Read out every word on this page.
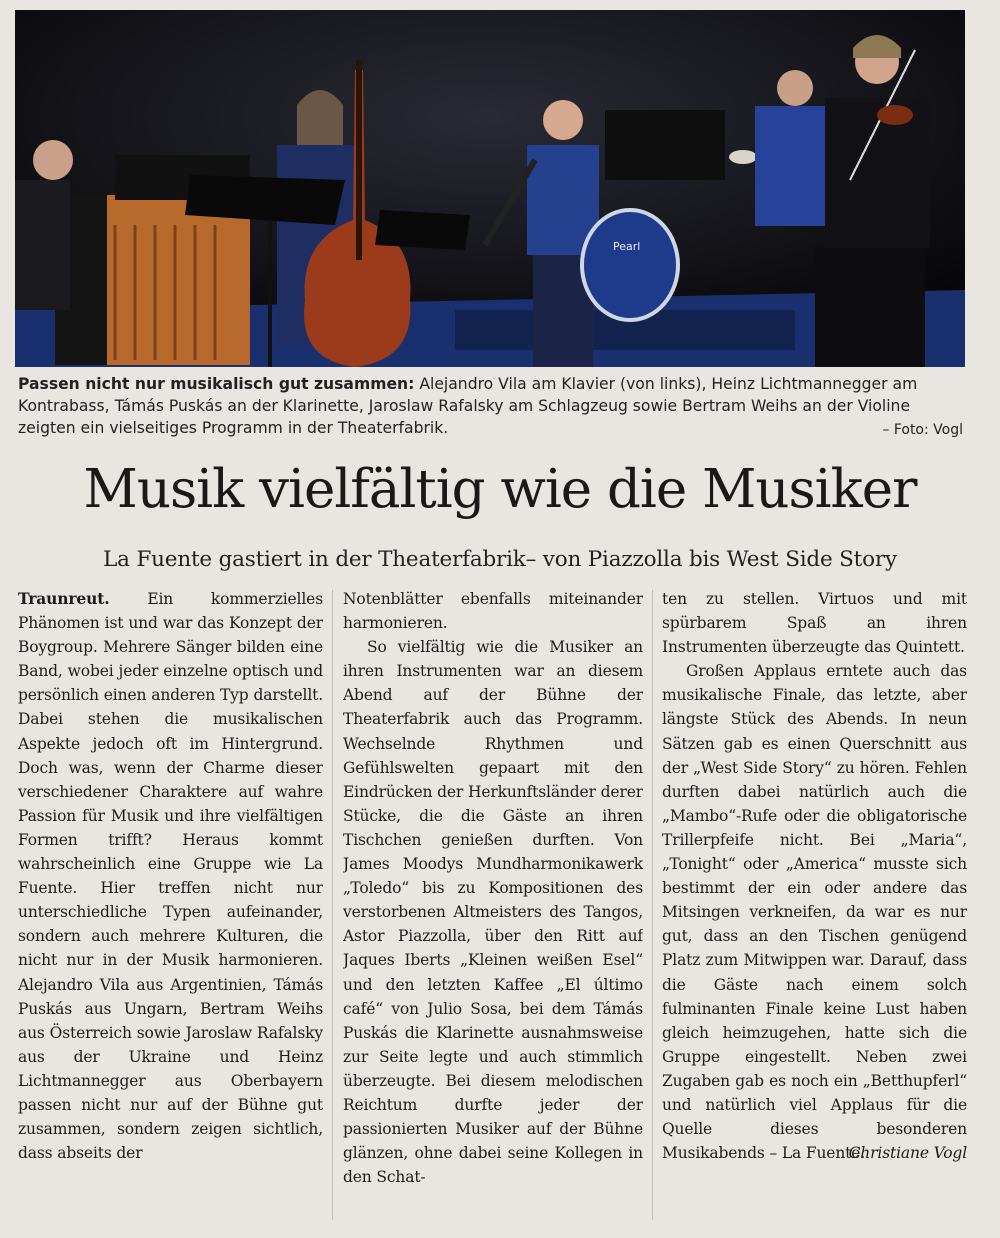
Pearl
Passen nicht nur musikalisch gut zusammen: Alejandro Vila am Klavier (von links), Heinz Lichtmannegger am Kontrabass, Támás Puskás an der Klarinette, Jaroslaw Rafalsky am Schlagzeug sowie Bertram Weihs an der Violine zeigten ein vielseitiges Programm in der Theaterfabrik.	– Foto: Vogl
Musik vielfältig wie die Musiker
La Fuente gastiert in der Theaterfabrik– von Piazzolla bis West Side Story

Traunreut. Ein kommerzielles Phänomen ist und war das Konzept der Boygroup. Mehrere Sänger bilden eine Band, wobei jeder einzelne optisch und persönlich einen anderen Typ darstellt. Dabei stehen die musikalischen Aspekte jedoch oft im Hintergrund. Doch was, wenn der Charme dieser verschiedener Charaktere auf wahre Passion für Musik und ihre vielfältigen Formen trifft? Heraus kommt wahrscheinlich eine Gruppe wie La Fuente. Hier treffen nicht nur unterschiedliche Typen aufeinander, sondern auch mehrere Kulturen, die nicht nur in der Musik harmonieren. Alejandro Vila aus Argentinien, Támás Puskás aus Ungarn, Bertram Weihs aus Österreich sowie Jaroslaw Rafalsky aus der Ukraine und Heinz Lichtmannegger aus Oberbayern passen nicht nur auf der Bühne gut zusammen, sondern zeigen sichtlich, dass abseits der

Notenblätter ebenfalls miteinander harmonieren.

So vielfältig wie die Musiker an ihren Instrumenten war an diesem Abend auf der Bühne der Theaterfabrik auch das Programm. Wechselnde Rhythmen und Gefühlswelten gepaart mit den Eindrücken der Herkunftsländer derer Stücke, die die Gäste an ihren Tischchen genießen durften. Von James Moodys Mundharmonikawerk „Toledo“ bis zu Kompositionen des verstorbenen Altmeisters des Tangos, Astor Piazzolla, über den Ritt auf Jaques Iberts „Kleinen weißen Esel“ und den letzten Kaffee „El último café“ von Julio Sosa, bei dem Támás Puskás die Klarinette ausnahmsweise zur Seite legte und auch stimmlich überzeugte. Bei diesem melodischen Reichtum durfte jeder der passionierten Musiker auf der Bühne glänzen, ohne dabei seine Kollegen in den Schat-

ten zu stellen. Virtuos und mit spürbarem Spaß an ihren Instrumenten überzeugte das Quintett.

Großen Applaus erntete auch das musikalische Finale, das letzte, aber längste Stück des Abends. In neun Sätzen gab es einen Querschnitt aus der „West Side Story“ zu hören. Fehlen durften dabei natürlich auch die „Mambo“-Rufe oder die obligatorische Trillerpfeife nicht. Bei „Maria“, „Tonight“ oder „America“ musste sich bestimmt der ein oder andere das Mitsingen verkneifen, da war es nur gut, dass an den Tischen genügend Platz zum Mitwippen war. Darauf, dass die Gäste nach einem solch fulminanten Finale keine Lust haben gleich heimzugehen, hatte sich die Gruppe eingestellt. Neben zwei Zugaben gab es noch ein „Betthupferl“ und natürlich viel Applaus für die Quelle dieses besonderen Musikabends – La Fuente.

Christiane Vogl
